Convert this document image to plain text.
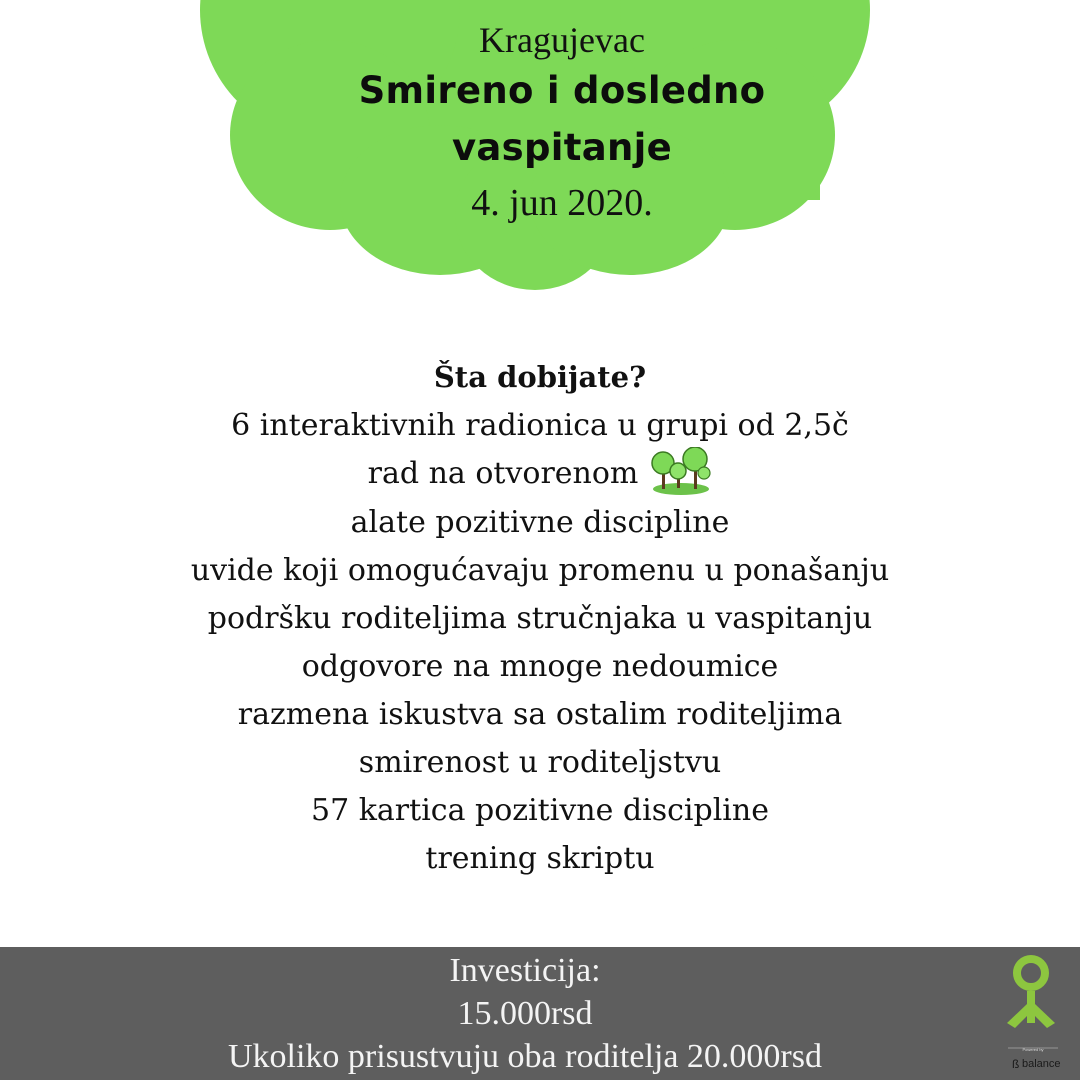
Kragujevac
Smireno i dosledno
vaspitanje
4. jun 2020.
Šta dobijate?
6 interaktivnih radionica u grupi od 2,5č
rad na otvorenom
alate pozitivne discipline
uvide koji omogućavaju promenu u ponašanju
podršku roditeljima stručnjaka u vaspitanju
odgovore na mnoge nedoumice
razmena iskustva sa ostalim roditeljima
smirenost u roditeljstvu
57 kartica pozitivne discipline
trening skriptu
Investicija:
15.000rsd
Ukoliko prisustvuju oba roditelja 20.000rsd	Powered by
ß balance
